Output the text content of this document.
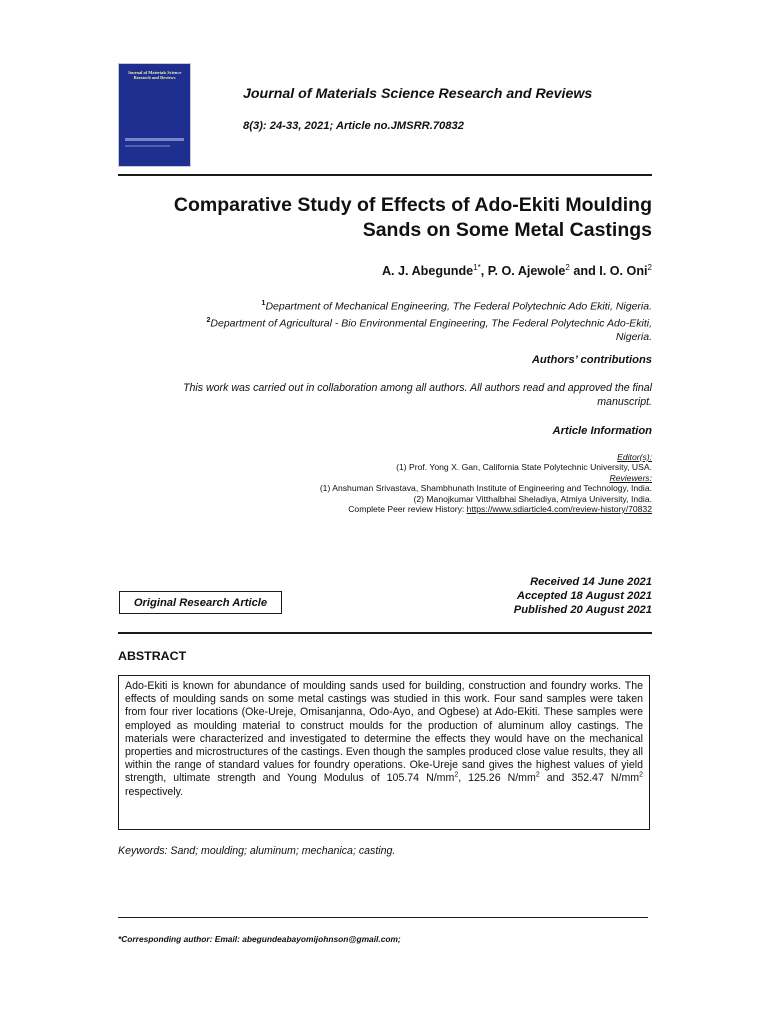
Journal of Materials Science Research and Reviews
Journal of Materials Science Research and Reviews
8(3): 24-33, 2021; Article no.JMSRR.70832
Comparative Study of Effects of Ado-Ekiti Moulding
Sands on Some Metal Castings
A. J. Abegunde$^{1*}$, P. O. Ajewole$^2$ and I. O. Oni$^2$
$^1$Department of Mechanical Engineering, The Federal Polytechnic Ado Ekiti, Nigeria.
$^2$Department of Agricultural - Bio Environmental Engineering, The Federal Polytechnic Ado-Ekiti,
Nigeria.
Authors’ contributions
This work was carried out in collaboration among all authors. All authors read and approved the final
manuscript.
Article Information
Editor(s):
(1) Prof. Yong X. Gan, California State Polytechnic University, USA.
Reviewers:
(1) Anshuman Srivastava, Shambhunath Institute of Engineering and Technology, India.
(2) Manojkumar Vitthalbhai Sheladiya, Atmiya University, India.
Complete Peer review History: https://www.sdiarticle4.com/review-history/70832
Original Research Article
Received 14 June 2021
Accepted 18 August 2021
Published 20 August 2021
ABSTRACT
Ado-Ekiti is known for abundance of moulding sands used for building, construction and foundry works. The effects of moulding sands on some metal castings was studied in this work. Four sand samples were taken from four river locations (Oke-Ureje, Omisanjanna, Odo-Ayo, and Ogbese) at Ado-Ekiti. These samples were employed as moulding material to construct moulds for the production of aluminum alloy castings. The materials were characterized and investigated to determine the effects they would have on the mechanical properties and microstructures of the castings. Even though the samples produced close value results, they all within the range of standard values for foundry operations. Oke-Ureje sand gives the highest values of yield strength, ultimate strength and Young Modulus of 105.74 $N/mm^2$, 125.26 $N/mm^2$ and 352.47 $N/mm^2$ respectively.
Keywords: Sand; moulding; aluminum; mechanica; casting.
*Corresponding author: Email: abegundeabayomijohnson@gmail.com;
